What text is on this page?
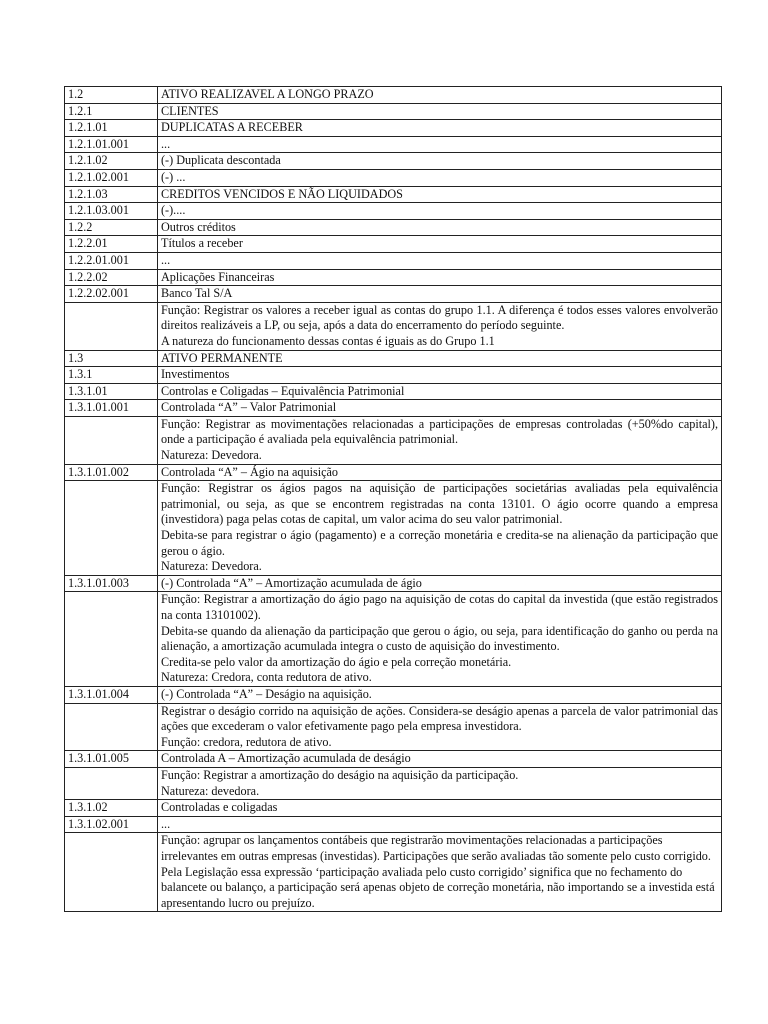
1.2	ATIVO REALIZAVEL A LONGO PRAZO
1.2.1	CLIENTES
1.2.1.01	DUPLICATAS A RECEBER
1.2.1.01.001	...
1.2.1.02	(-) Duplicata descontada
1.2.1.02.001	(-) ...
1.2.1.03	CREDITOS VENCIDOS E NÃO LIQUIDADOS
1.2.1.03.001	(-)....
1.2.2	Outros créditos
1.2.2.01	Títulos a receber
1.2.2.01.001	...
1.2.2.02	Aplicações Financeiras
1.2.2.02.001	Banco Tal S/A

	Função: Registrar os valores a receber igual as contas do grupo 1.1. A diferença é todos esses valores envolverão direitos realizáveis a LP, ou seja, após a data do encerramento do período seguinte.

A natureza do funcionamento dessas contas é iguais as do Grupo 1.1

1.3	ATIVO PERMANENTE
1.3.1	Investimentos
1.3.1.01	Controlas e Coligadas – Equivalência Patrimonial
1.3.1.01.001	Controlada “A” – Valor Patrimonial

	Função: Registrar as movimentações relacionadas a participações de empresas controladas (+50%do capital), onde a participação é avaliada pela equivalência patrimonial.

Natureza: Devedora.

1.3.1.01.002	Controlada “A” – Ágio na aquisição

	Função: Registrar os ágios pagos na aquisição de participações societárias avaliadas pela equivalência patrimonial, ou seja, as que se encontrem registradas na conta 13101. O ágio ocorre quando a empresa (investidora) paga pelas cotas de capital, um valor acima do seu valor patrimonial.

Debita-se para registrar o ágio (pagamento) e a correção monetária e credita-se na alienação da participação que gerou o ágio.

Natureza: Devedora.

1.3.1.01.003	(-) Controlada “A” – Amortização acumulada de ágio

	Função: Registrar a amortização do ágio pago na aquisição de cotas do capital da investida (que estão registrados na conta 13101002).

Debita-se quando da alienação da participação que gerou o ágio, ou seja, para identificação do ganho ou perda na alienação, a amortização acumulada integra o custo de aquisição do investimento.

Credita-se pelo valor da amortização do ágio e pela correção monetária.

Natureza: Credora, conta redutora de ativo.

1.3.1.01.004	(-) Controlada “A” – Deságio na aquisição.

	Registrar o deságio corrido na aquisição de ações. Considera-se deságio apenas a parcela de valor patrimonial das ações que excederam o valor efetivamente pago pela empresa investidora.

Função: credora, redutora de ativo.

1.3.1.01.005	Controlada A – Amortização acumulada de deságio

	Função: Registrar a amortização do deságio na aquisição da participação.

Natureza: devedora.

1.3.1.02	Controladas e coligadas
1.3.1.02.001	...

	Função: agrupar os lançamentos contábeis que registrarão movimentações relacionadas a participações irrelevantes em outras empresas (investidas). Participações que serão avaliadas tão somente pelo custo corrigido. Pela Legislação essa expressão ‘participação avaliada pelo custo corrigido’ significa que no fechamento do balancete ou balanço, a participação será apenas objeto de correção monetária, não importando se a investida está apresentando lucro ou prejuízo.
